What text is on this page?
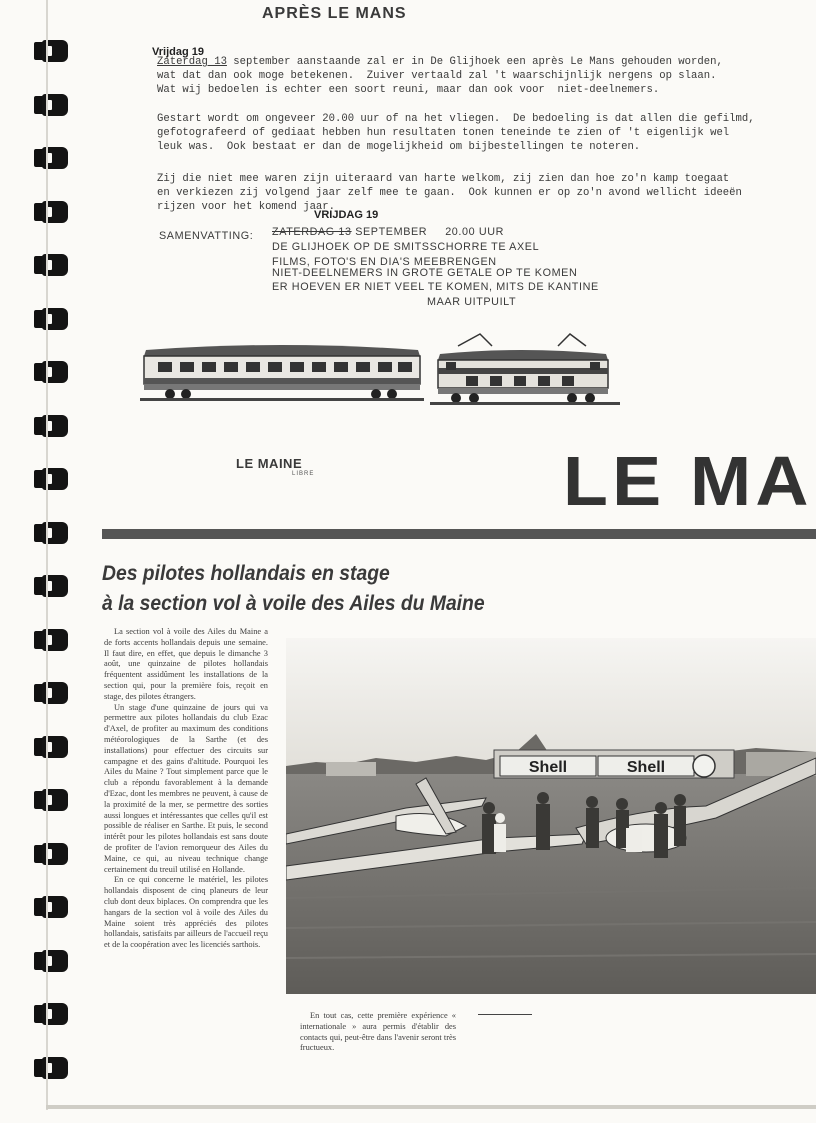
APRÈS LE MANS
Vrijdag 19
Zaterdag 13 september aanstaande zal er in De Glijhoek een après Le Mans gehouden worden,
wat dat dan ook moge betekenen.  Zuiver vertaald zal 't waarschijnlijk nergens op slaan.
Wat wij bedoelen is echter een soort reuni, maar dan ook voor  niet-deelnemers.
Gestart wordt om ongeveer 20.00 uur of na het vliegen.  De bedoeling is dat allen die gefilmd,
gefotografeerd of gediaat hebben hun resultaten tonen teneinde te zien of 't eigenlijk wel
leuk was.  Ook bestaat er dan de mogelijkheid om bijbestellingen te noteren.
Zij die niet mee waren zijn uiteraard van harte welkom, zij zien dan hoe zo'n kamp toegaat
en verkiezen zij volgend jaar zelf mee te gaan.  Ook kunnen er op zo'n avond wellicht ideeën
rijzen voor het komend jaar.
VRIJDAG 19
SAMENVATTING: ZATERDAG 13 SEPTEMBER     20.00 UUR
DE GLIJHOEK OP DE SMITSSCHORRE TE AXEL
FILMS, FOTO'S EN DIA'S MEEBRENGEN
NIET-DEELNEMERS IN GROTE GETALE OP TE KOMEN
ER HOEVEN ER NIET VEEL TE KOMEN, MITS DE KANTINE
MAAR UITPUILT
LE MAINE
LIBRE	LE MA
Des pilotes hollandais en stage
à la section vol à voile des Ailes du Maine

La section vol à voile des Ailes du Maine a de forts accents hollandais depuis une semaine. Il faut dire, en effet, que depuis le dimanche 3 août, une quinzaine de pilotes hollandais fréquentent assidûment les installations de la section qui, pour la première fois, reçoit en stage, des pilotes étrangers.

Un stage d'une quinzaine de jours qui va permettre aux pilotes hollandais du club Ezac d'Axel, de profiter au maximum des conditions météorologiques de la Sarthe (et des installations) pour effectuer des circuits sur campagne et des gains d'altitude. Pourquoi les Ailes du Maine ? Tout simplement parce que le club a répondu favorablement à la demande d'Ezac, dont les membres ne peuvent, à cause de la proximité de la mer, se permettre des sorties aussi longues et intéressantes que celles qu'il est possible de réaliser en Sarthe. Et puis, le second intérêt pour les pilotes hollandais est sans doute de profiter de l'avion remorqueur des Ailes du Maine, ce qui, au niveau technique change certainement du treuil utilisé en Hollande.

En ce qui concerne le matériel, les pilotes hollandais disposent de cinq planeurs de leur club dont deux biplaces. On comprendra que les hangars de la section vol à voile des Ailes du Maine soient très appréciés des pilotes hollandais, satisfaits par ailleurs de l'accueil reçu et de la coopération avec les licenciés sarthois.

Shell	Shell

En tout cas, cette première expérience « internationale » aura permis d'établir des contacts qui, peut-être dans l'avenir seront très fructueux.
